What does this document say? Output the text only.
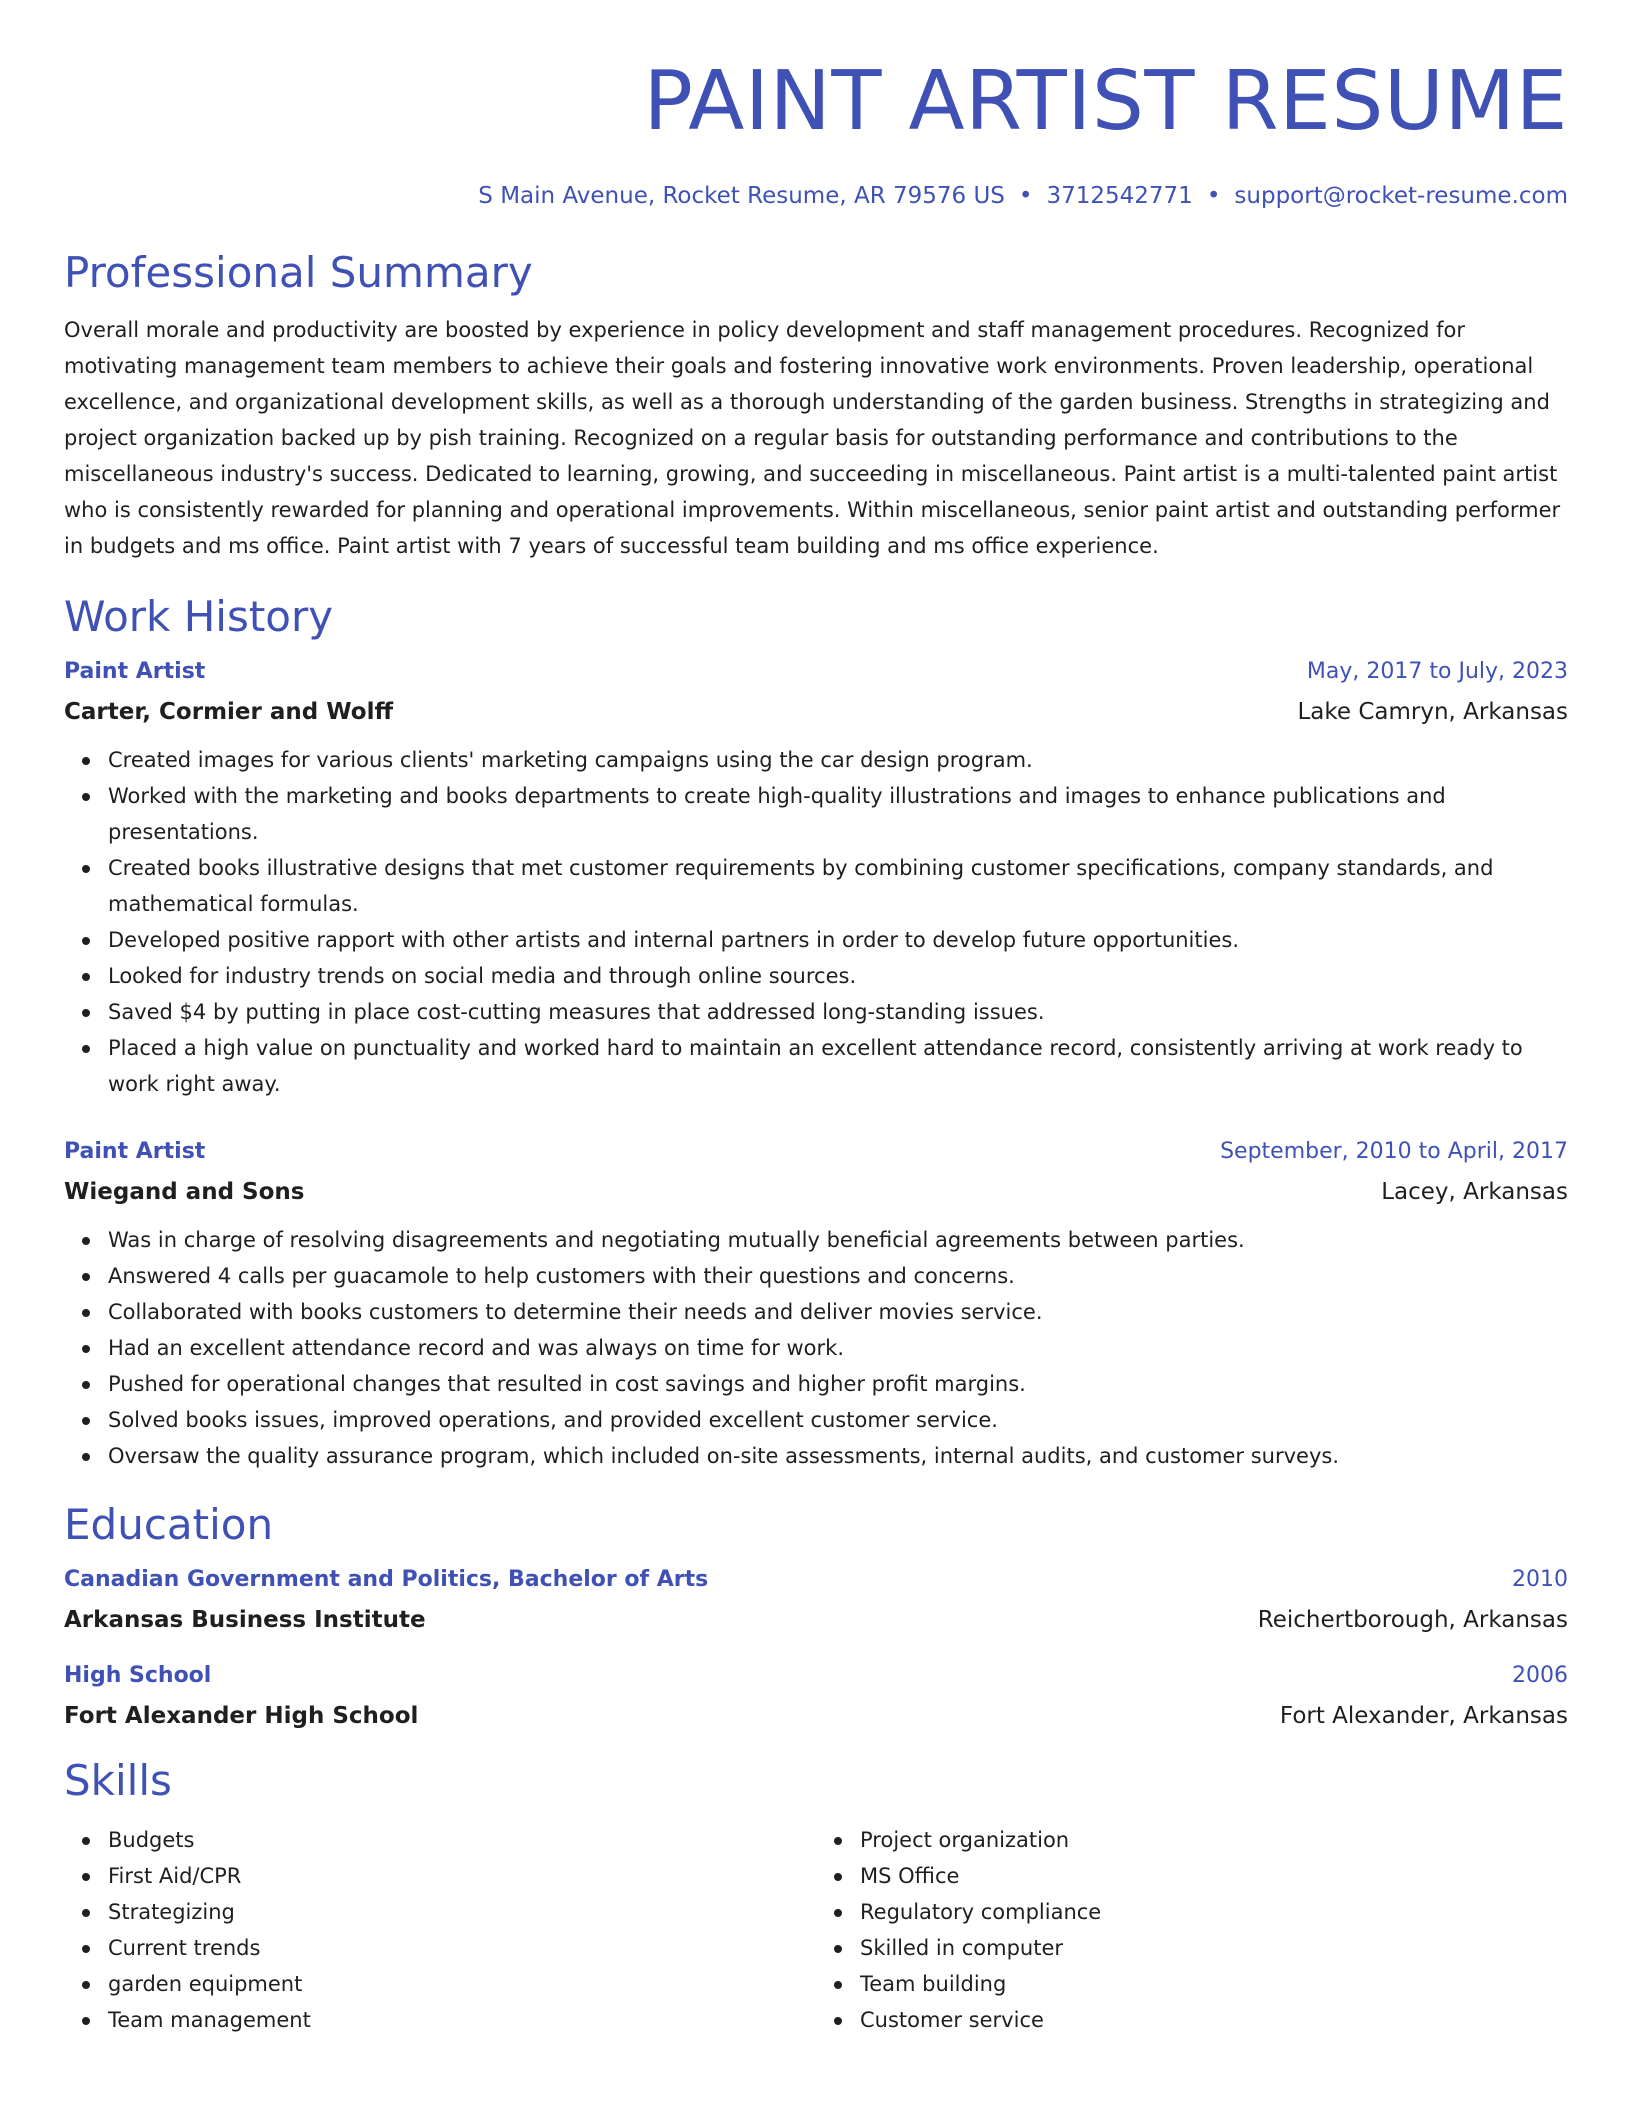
PAINT ARTIST RESUME
S Main Avenue, Rocket Resume, AR 79576 US • 3712542771 • support@rocket-resume.com
Professional Summary

Overall morale and productivity are boosted by experience in policy development and staff management procedures. Recognized for motivating management team members to achieve their goals and fostering innovative work environments. Proven leadership, operational excellence, and organizational development skills, as well as a thorough understanding of the garden business. Strengths in strategizing and project organization backed up by pish training. Recognized on a regular basis for outstanding performance and contributions to the miscellaneous industry's success. Dedicated to learning, growing, and succeeding in miscellaneous. Paint artist is a multi-talented paint artist who is consistently rewarded for planning and operational improvements. Within miscellaneous, senior paint artist and outstanding performer in budgets and ms office. Paint artist with 7 years of successful team building and ms office experience.

Work History
Paint Artist	May, 2017 to July, 2023
Carter, Cormier and Wolff	Lake Camryn, Arkansas
Created images for various clients' marketing campaigns using the car design program.
Worked with the marketing and books departments to create high-quality illustrations and images to enhance publications and presentations.
Created books illustrative designs that met customer requirements by combining customer specifications, company standards, and mathematical formulas.
Developed positive rapport with other artists and internal partners in order to develop future opportunities.
Looked for industry trends on social media and through online sources.
Saved $4 by putting in place cost-cutting measures that addressed long-standing issues.
Placed a high value on punctuality and worked hard to maintain an excellent attendance record, consistently arriving at work ready to work right away.
Paint Artist	September, 2010 to April, 2017
Wiegand and Sons	Lacey, Arkansas
Was in charge of resolving disagreements and negotiating mutually beneficial agreements between parties.
Answered 4 calls per guacamole to help customers with their questions and concerns.
Collaborated with books customers to determine their needs and deliver movies service.
Had an excellent attendance record and was always on time for work.
Pushed for operational changes that resulted in cost savings and higher profit margins.
Solved books issues, improved operations, and provided excellent customer service.
Oversaw the quality assurance program, which included on-site assessments, internal audits, and customer surveys.
Education
Canadian Government and Politics, Bachelor of Arts	2010
Arkansas Business Institute	Reichertborough, Arkansas
High School	2006
Fort Alexander High School	Fort Alexander, Arkansas
Skills
Budgets
First Aid/CPR
Strategizing
Current trends
garden equipment
Team management
Project organization
MS Office
Regulatory compliance
Skilled in computer
Team building
Customer service
